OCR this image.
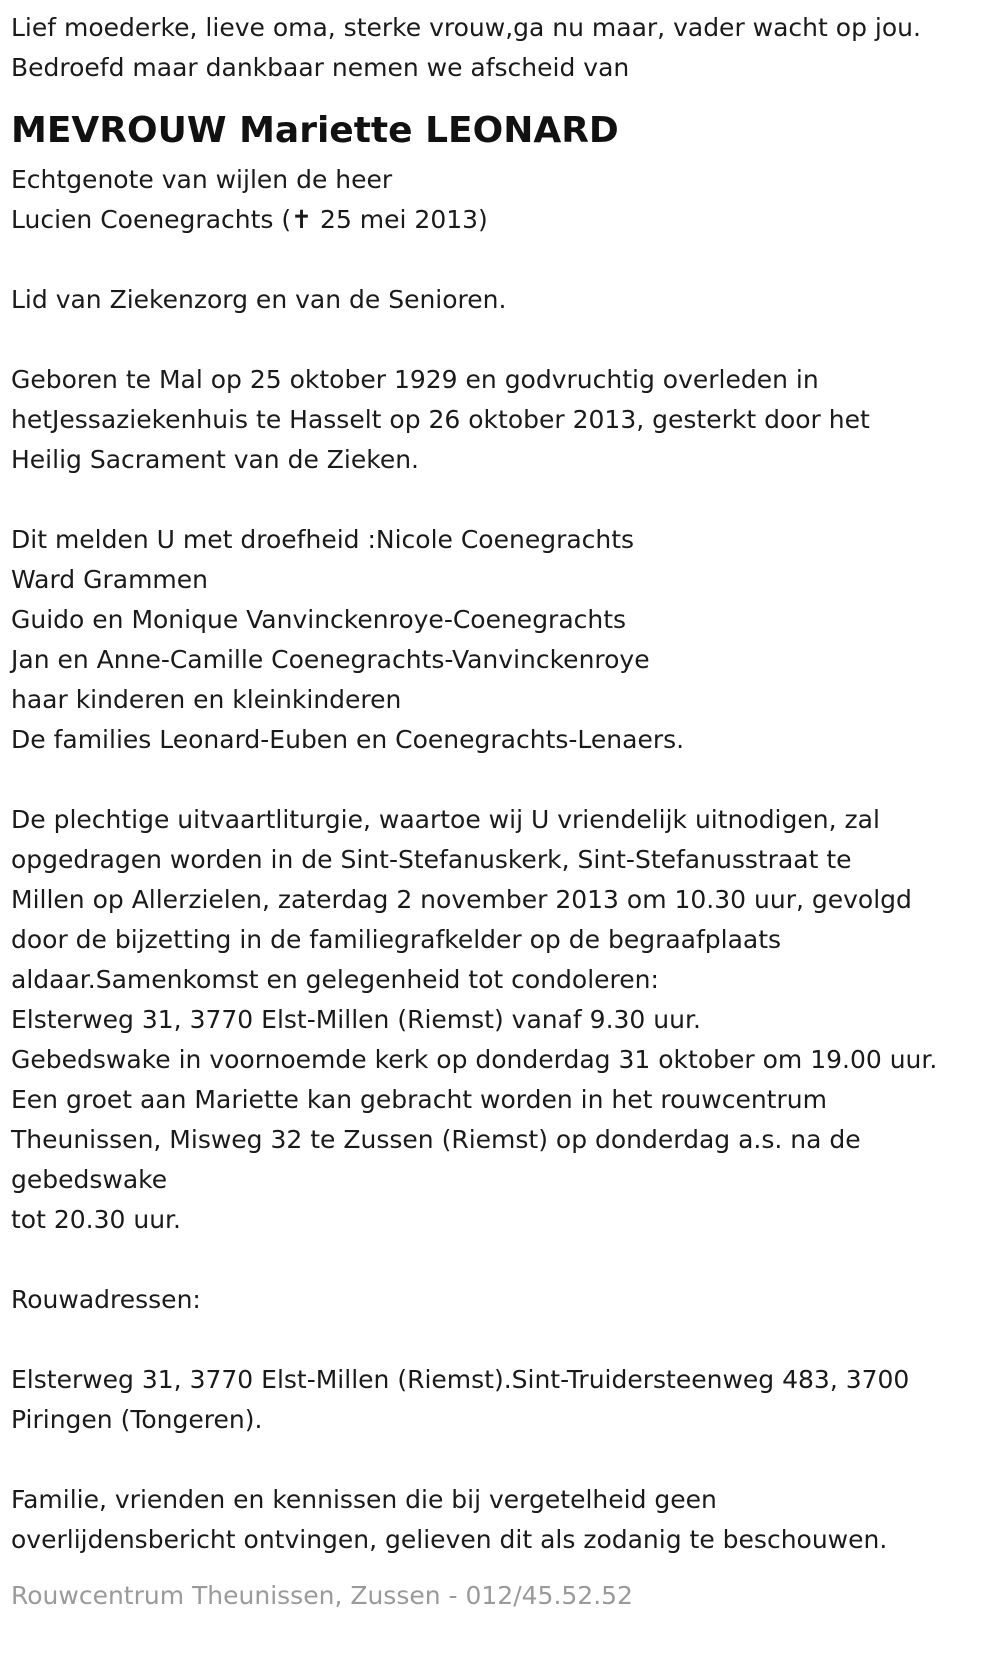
Lief moederke, lieve oma, sterke vrouw,ga nu maar, vader wacht op jou.
Bedroefd maar dankbaar nemen we afscheid van
MEVROUW Mariette LEONARD
Echtgenote van wijlen de heer
Lucien Coenegrachts (✝ 25 mei 2013)
Lid van Ziekenzorg en van de Senioren.
Geboren te Mal op 25 oktober 1929 en godvruchtig overleden in
hetJessaziekenhuis te Hasselt op 26 oktober 2013, gesterkt door het
Heilig Sacrament van de Zieken.
Dit melden U met droefheid :Nicole Coenegrachts
Ward Grammen
Guido en Monique Vanvinckenroye-Coenegrachts
Jan en Anne-Camille Coenegrachts-Vanvinckenroye
haar kinderen en kleinkinderen
De families Leonard-Euben en Coenegrachts-Lenaers.
De plechtige uitvaartliturgie, waartoe wij U vriendelijk uitnodigen, zal
opgedragen worden in de Sint-Stefanuskerk, Sint-Stefanusstraat te
Millen op Allerzielen, zaterdag 2 november 2013 om 10.30 uur, gevolgd
door de bijzetting in de familiegrafkelder op de begraafplaats
aldaar.Samenkomst en gelegenheid tot condoleren:
Elsterweg 31, 3770 Elst-Millen (Riemst) vanaf 9.30 uur.
Gebedswake in voornoemde kerk op donderdag 31 oktober om 19.00 uur.
Een groet aan Mariette kan gebracht worden in het rouwcentrum
Theunissen, Misweg 32 te Zussen (Riemst) op donderdag a.s. na de
gebedswake
tot 20.30 uur.
Rouwadressen:
Elsterweg 31, 3770 Elst-Millen (Riemst).Sint-Truidersteenweg 483, 3700
Piringen (Tongeren).
Familie, vrienden en kennissen die bij vergetelheid geen
overlijdensbericht ontvingen, gelieven dit als zodanig te beschouwen.
Rouwcentrum Theunissen, Zussen - 012/45.52.52
